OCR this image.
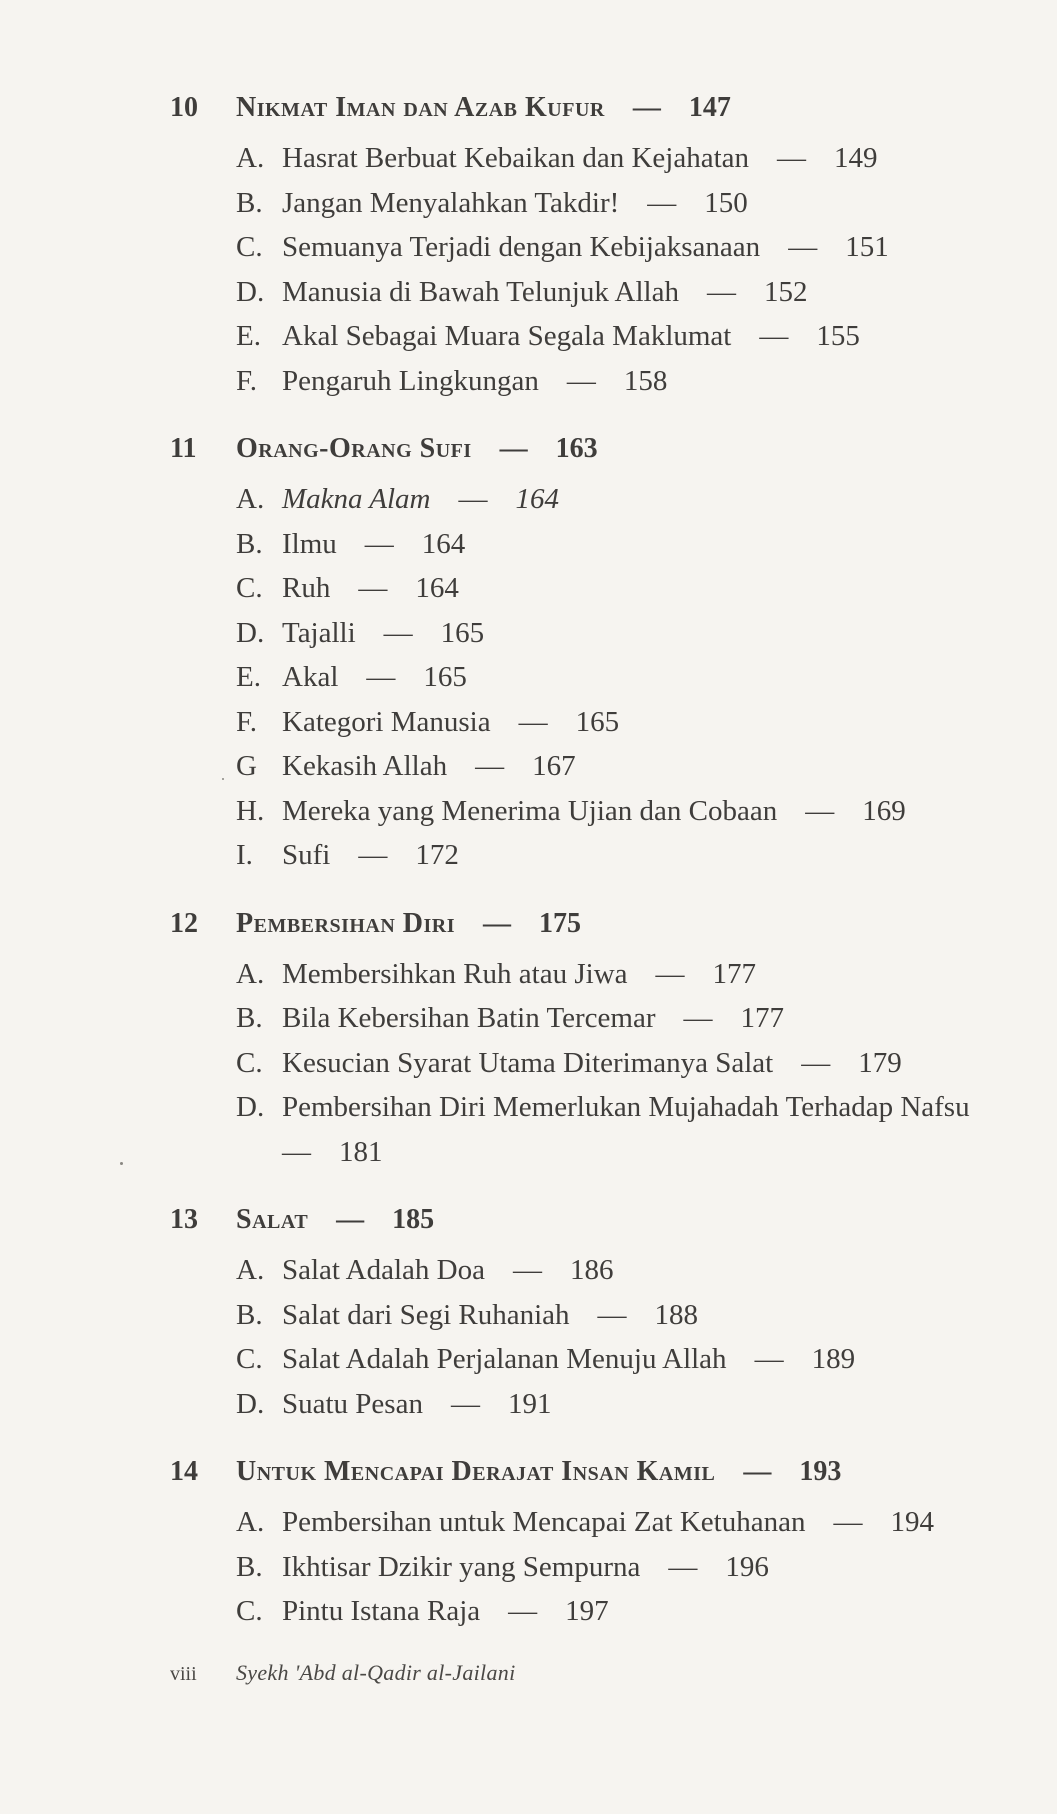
10	Nikmat Iman dan Azab Kufur — 147
A. Hasrat Berbuat Kebaikan dan Kejahatan — 149
B. Jangan Menyalahkan Takdir! — 150
C. Semuanya Terjadi dengan Kebijaksanaan — 151
D. Manusia di Bawah Telunjuk Allah — 152
E. Akal Sebagai Muara Segala Maklumat — 155
F. Pengaruh Lingkungan — 158
11	Orang-Orang Sufi — 163
A. Makna Alam — 164
B. Ilmu — 164
C. Ruh — 164
D. Tajalli — 165
E. Akal — 165
F. Kategori Manusia — 165
G Kekasih Allah — 167
H. Mereka yang Menerima Ujian dan Cobaan — 169
I. Sufi — 172
12	Pembersihan Diri — 175
A. Membersihkan Ruh atau Jiwa — 177
B. Bila Kebersihan Batin Tercemar — 177
C. Kesucian Syarat Utama Diterimanya Salat — 179
D. Pembersihan Diri Memerlukan Mujahadah Terhadap Nafsu
— 181
13	Salat — 185
A. Salat Adalah Doa — 186
B. Salat dari Segi Ruhaniah — 188
C. Salat Adalah Perjalanan Menuju Allah — 189
D. Suatu Pesan — 191
14	Untuk Mencapai Derajat Insan Kamil — 193
A. Pembersihan untuk Mencapai Zat Ketuhanan — 194
B. Ikhtisar Dzikir yang Sempurna — 196
C. Pintu Istana Raja — 197
viii	Syekh 'Abd al-Qadir al-Jailani
